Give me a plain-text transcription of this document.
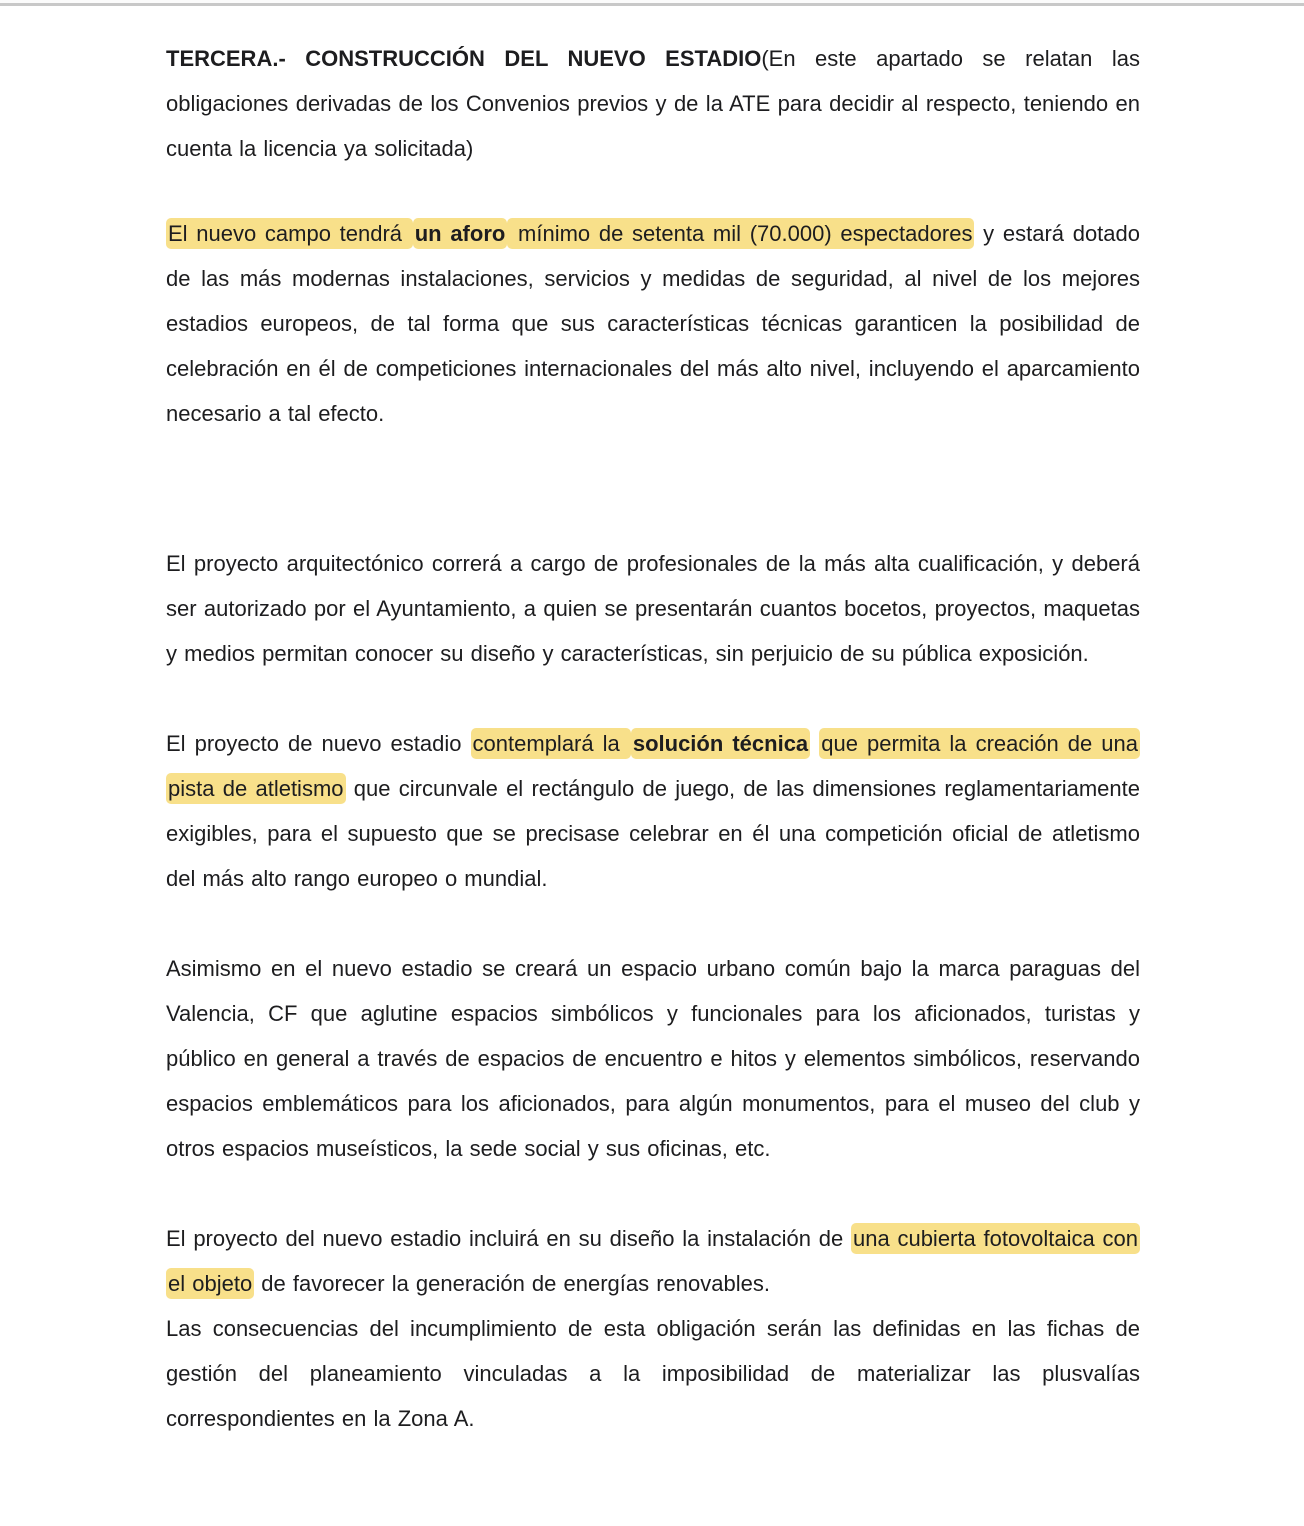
TERCERA.- CONSTRUCCIÓN DEL NUEVO ESTADIO(En este apartado se relatan las obligaciones derivadas de los Convenios previos y de la ATE para decidir al respecto, teniendo en cuenta la licencia ya solicitada)

El nuevo campo tendrá un aforo mínimo de setenta mil (70.000) espectadores y estará dotado de las más modernas instalaciones, servicios y medidas de seguridad, al nivel de los mejores estadios europeos, de tal forma que sus características técnicas garanticen la posibilidad de celebración en él de competiciones internacionales del más alto nivel, incluyendo el aparcamiento necesario a tal efecto.

El proyecto arquitectónico correrá a cargo de profesionales de la más alta cualificación, y deberá ser autorizado por el Ayuntamiento, a quien se presentarán cuantos bocetos, proyectos, maquetas y medios permitan conocer su diseño y características, sin perjuicio de su pública exposición.

El proyecto de nuevo estadio contemplará la solución técnica que permita la creación de una pista de atletismo que circunvale el rectángulo de juego, de las dimensiones reglamentariamente exigibles, para el supuesto que se precisase celebrar en él una competición oficial de atletismo del más alto rango europeo o mundial.

Asimismo en el nuevo estadio se creará un espacio urbano común bajo la marca paraguas del Valencia, CF que aglutine espacios simbólicos y funcionales para los aficionados, turistas y público en general a través de espacios de encuentro e hitos y elementos simbólicos, reservando espacios emblemáticos para los aficionados, para algún monumentos, para el museo del club y otros espacios museísticos, la sede social y sus oficinas, etc.

El proyecto del nuevo estadio incluirá en su diseño la instalación de una cubierta fotovoltaica con el objeto de favorecer la generación de energías renovables.

Las consecuencias del incumplimiento de esta obligación serán las definidas en las fichas de gestión del planeamiento vinculadas a la imposibilidad de materializar las plusvalías correspondientes en la Zona A.
